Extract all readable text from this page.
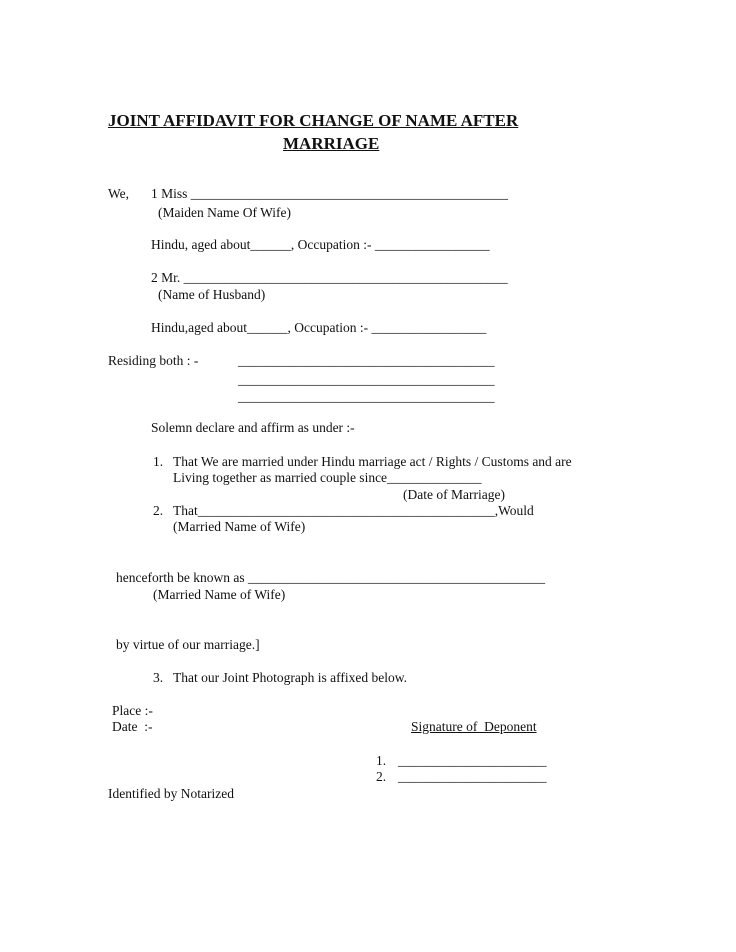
JOINT AFFIDAVIT FOR CHANGE OF NAME AFTER
MARRIAGE
We, 1 Miss _______________________________________________
(Maiden Name Of Wife)
Hindu, aged about______, Occupation :- _________________
2 Mr. ________________________________________________
(Name of Husband)
Hindu,aged about______, Occupation :- _________________
Residing both : -	______________________________________
______________________________________
______________________________________
Solemn declare and affirm as under :-
1. That We are married under Hindu marriage act / Rights / Customs and are
Living together as married couple since______________
(Date of Marriage)
2. That____________________________________________,Would
(Married Name of Wife)
henceforth be known as ____________________________________________
(Married Name of Wife)
by virtue of our marriage.]
3. That our Joint Photograph is affixed below.
Place :-
Date  :-	Signature of  Deponent
1. ______________________
2. ______________________
Identified by Notarized
